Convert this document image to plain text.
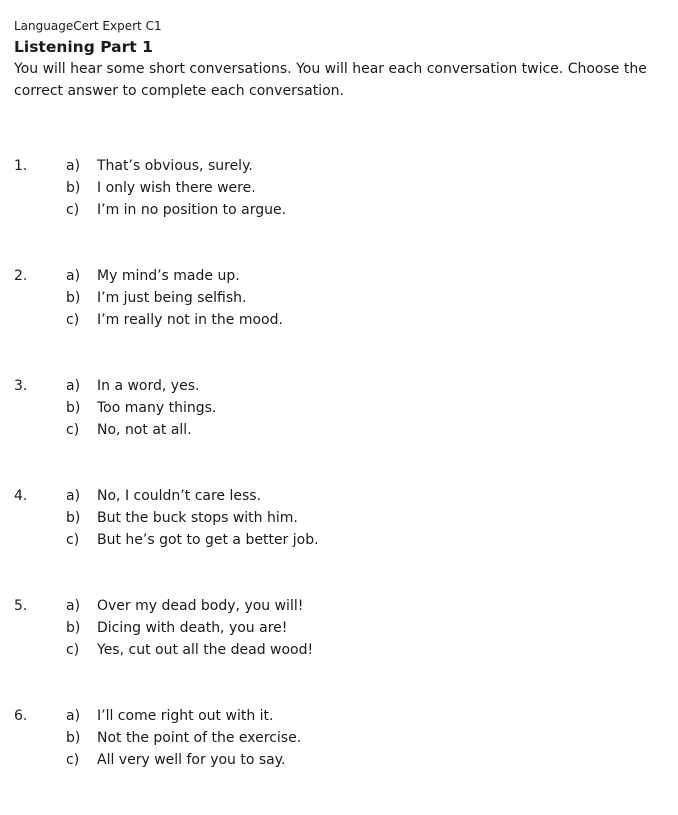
LanguageCert Expert C1

Listening Part 1

You will hear some short conversations. You will hear each conversation twice. Choose the correct answer to complete each conversation.

1.	a) That’s obvious, surely.
b) I only wish there were.
c) I’m in no position to argue.
2.	a) My mind’s made up.
b) I’m just being selfish.
c) I’m really not in the mood.
3.	a) In a word, yes.
b) Too many things.
c) No, not at all.
4.	a) No, I couldn’t care less.
b) But the buck stops with him.
c) But he’s got to get a better job.
5.	a) Over my dead body, you will!
b) Dicing with death, you are!
c) Yes, cut out all the dead wood!
6.	a) I’ll come right out with it.
b) Not the point of the exercise.
c) All very well for you to say.
